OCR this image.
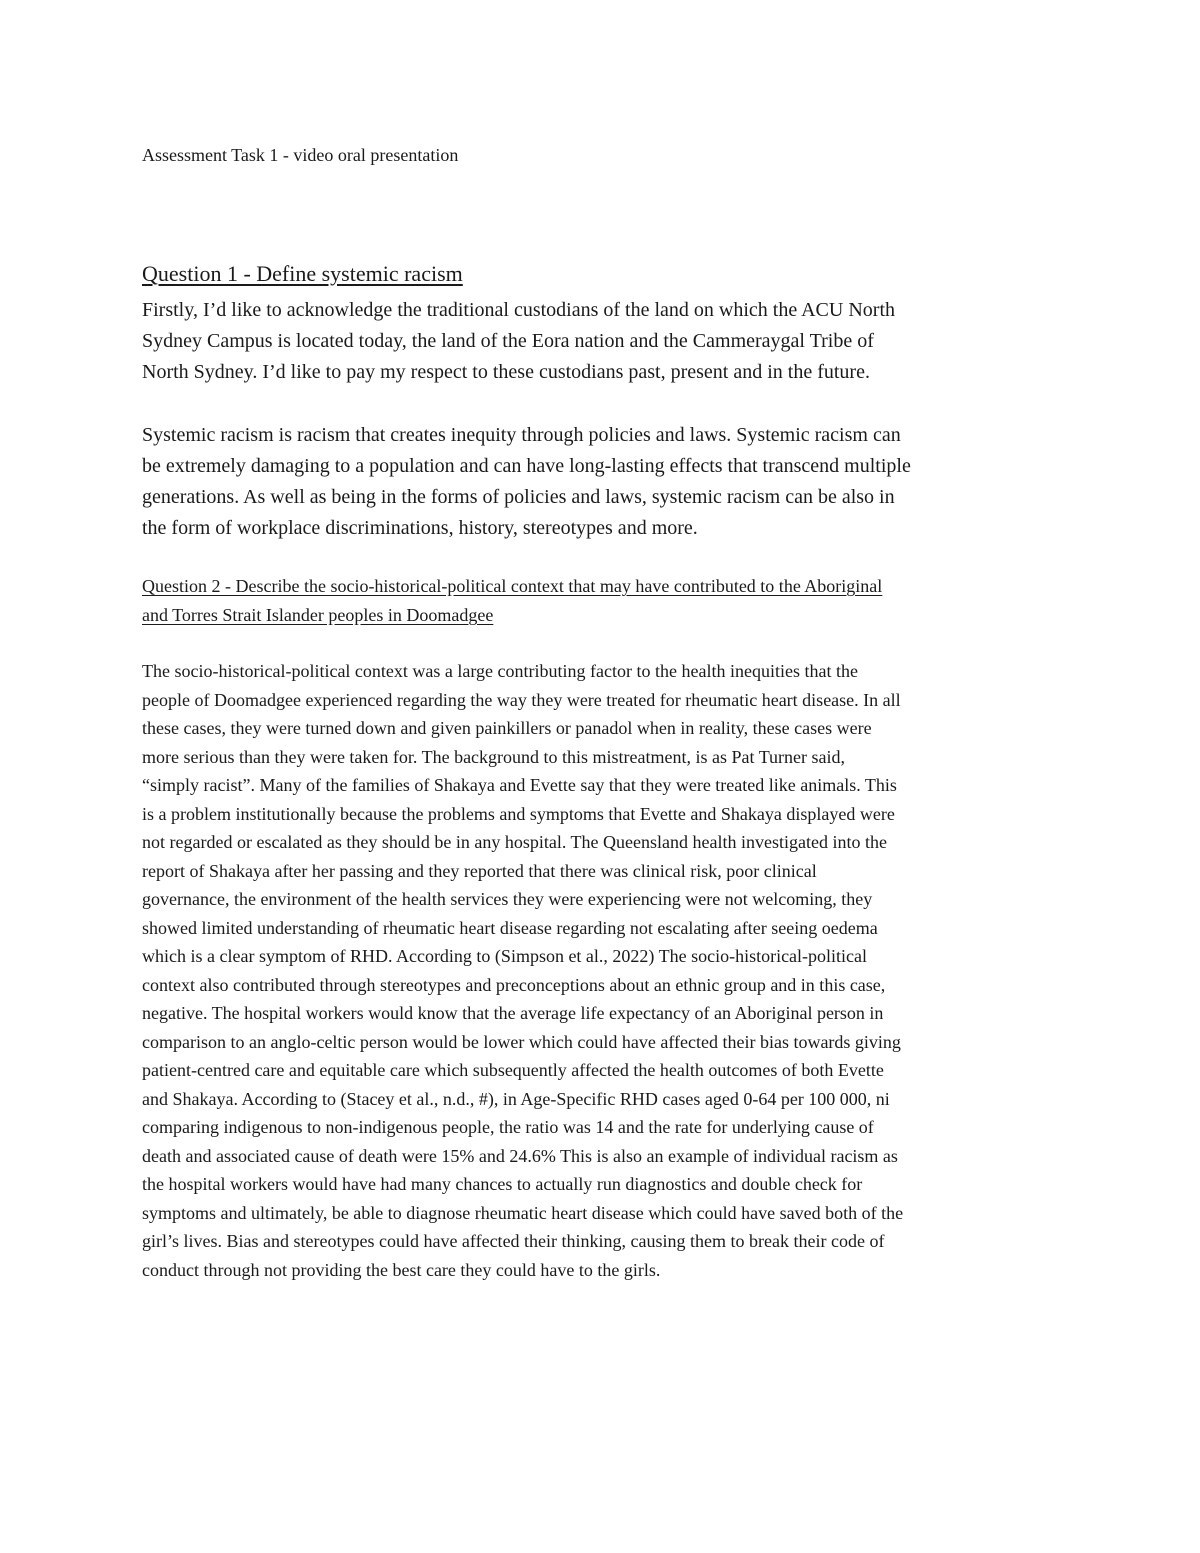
Assessment Task 1 - video oral presentation
Question 1 - Define systemic racism

Firstly, I’d like to acknowledge the traditional custodians of the land on which the ACU North
Sydney Campus is located today, the land of the Eora nation and the Cammeraygal Tribe of
North Sydney. I’d like to pay my respect to these custodians past, present and in the future.

Systemic racism is racism that creates inequity through policies and laws. Systemic racism can
be extremely damaging to a population and can have long-lasting effects that transcend multiple
generations. As well as being in the forms of policies and laws, systemic racism can be also in
the form of workplace discriminations, history, stereotypes and more.

Question 2 - Describe the socio-historical-political context that may have contributed to the Aboriginal
and Torres Strait Islander peoples in Doomadgee

The socio-historical-political context was a large contributing factor to the health inequities that the
people of Doomadgee experienced regarding the way they were treated for rheumatic heart disease. In all
these cases, they were turned down and given painkillers or panadol when in reality, these cases were
more serious than they were taken for. The background to this mistreatment, is as Pat Turner said,
“simply racist”. Many of the families of Shakaya and Evette say that they were treated like animals. This
is a problem institutionally because the problems and symptoms that Evette and Shakaya displayed were
not regarded or escalated as they should be in any hospital. The Queensland health investigated into the
report of Shakaya after her passing and they reported that there was clinical risk, poor clinical
governance, the environment of the health services they were experiencing were not welcoming, they
showed limited understanding of rheumatic heart disease regarding not escalating after seeing oedema
which is a clear symptom of RHD. According to (Simpson et al., 2022) The socio-historical-political
context also contributed through stereotypes and preconceptions about an ethnic group and in this case,
negative. The hospital workers would know that the average life expectancy of an Aboriginal person in
comparison to an anglo-celtic person would be lower which could have affected their bias towards giving
patient-centred care and equitable care which subsequently affected the health outcomes of both Evette
and Shakaya. According to (Stacey et al., n.d., #), in Age-Specific RHD cases aged 0-64 per 100 000, ni
comparing indigenous to non-indigenous people, the ratio was 14 and the rate for underlying cause of
death and associated cause of death were 15% and 24.6% This is also an example of individual racism as
the hospital workers would have had many chances to actually run diagnostics and double check for
symptoms and ultimately, be able to diagnose rheumatic heart disease which could have saved both of the
girl’s lives. Bias and stereotypes could have affected their thinking, causing them to break their code of
conduct through not providing the best care they could have to the girls.
